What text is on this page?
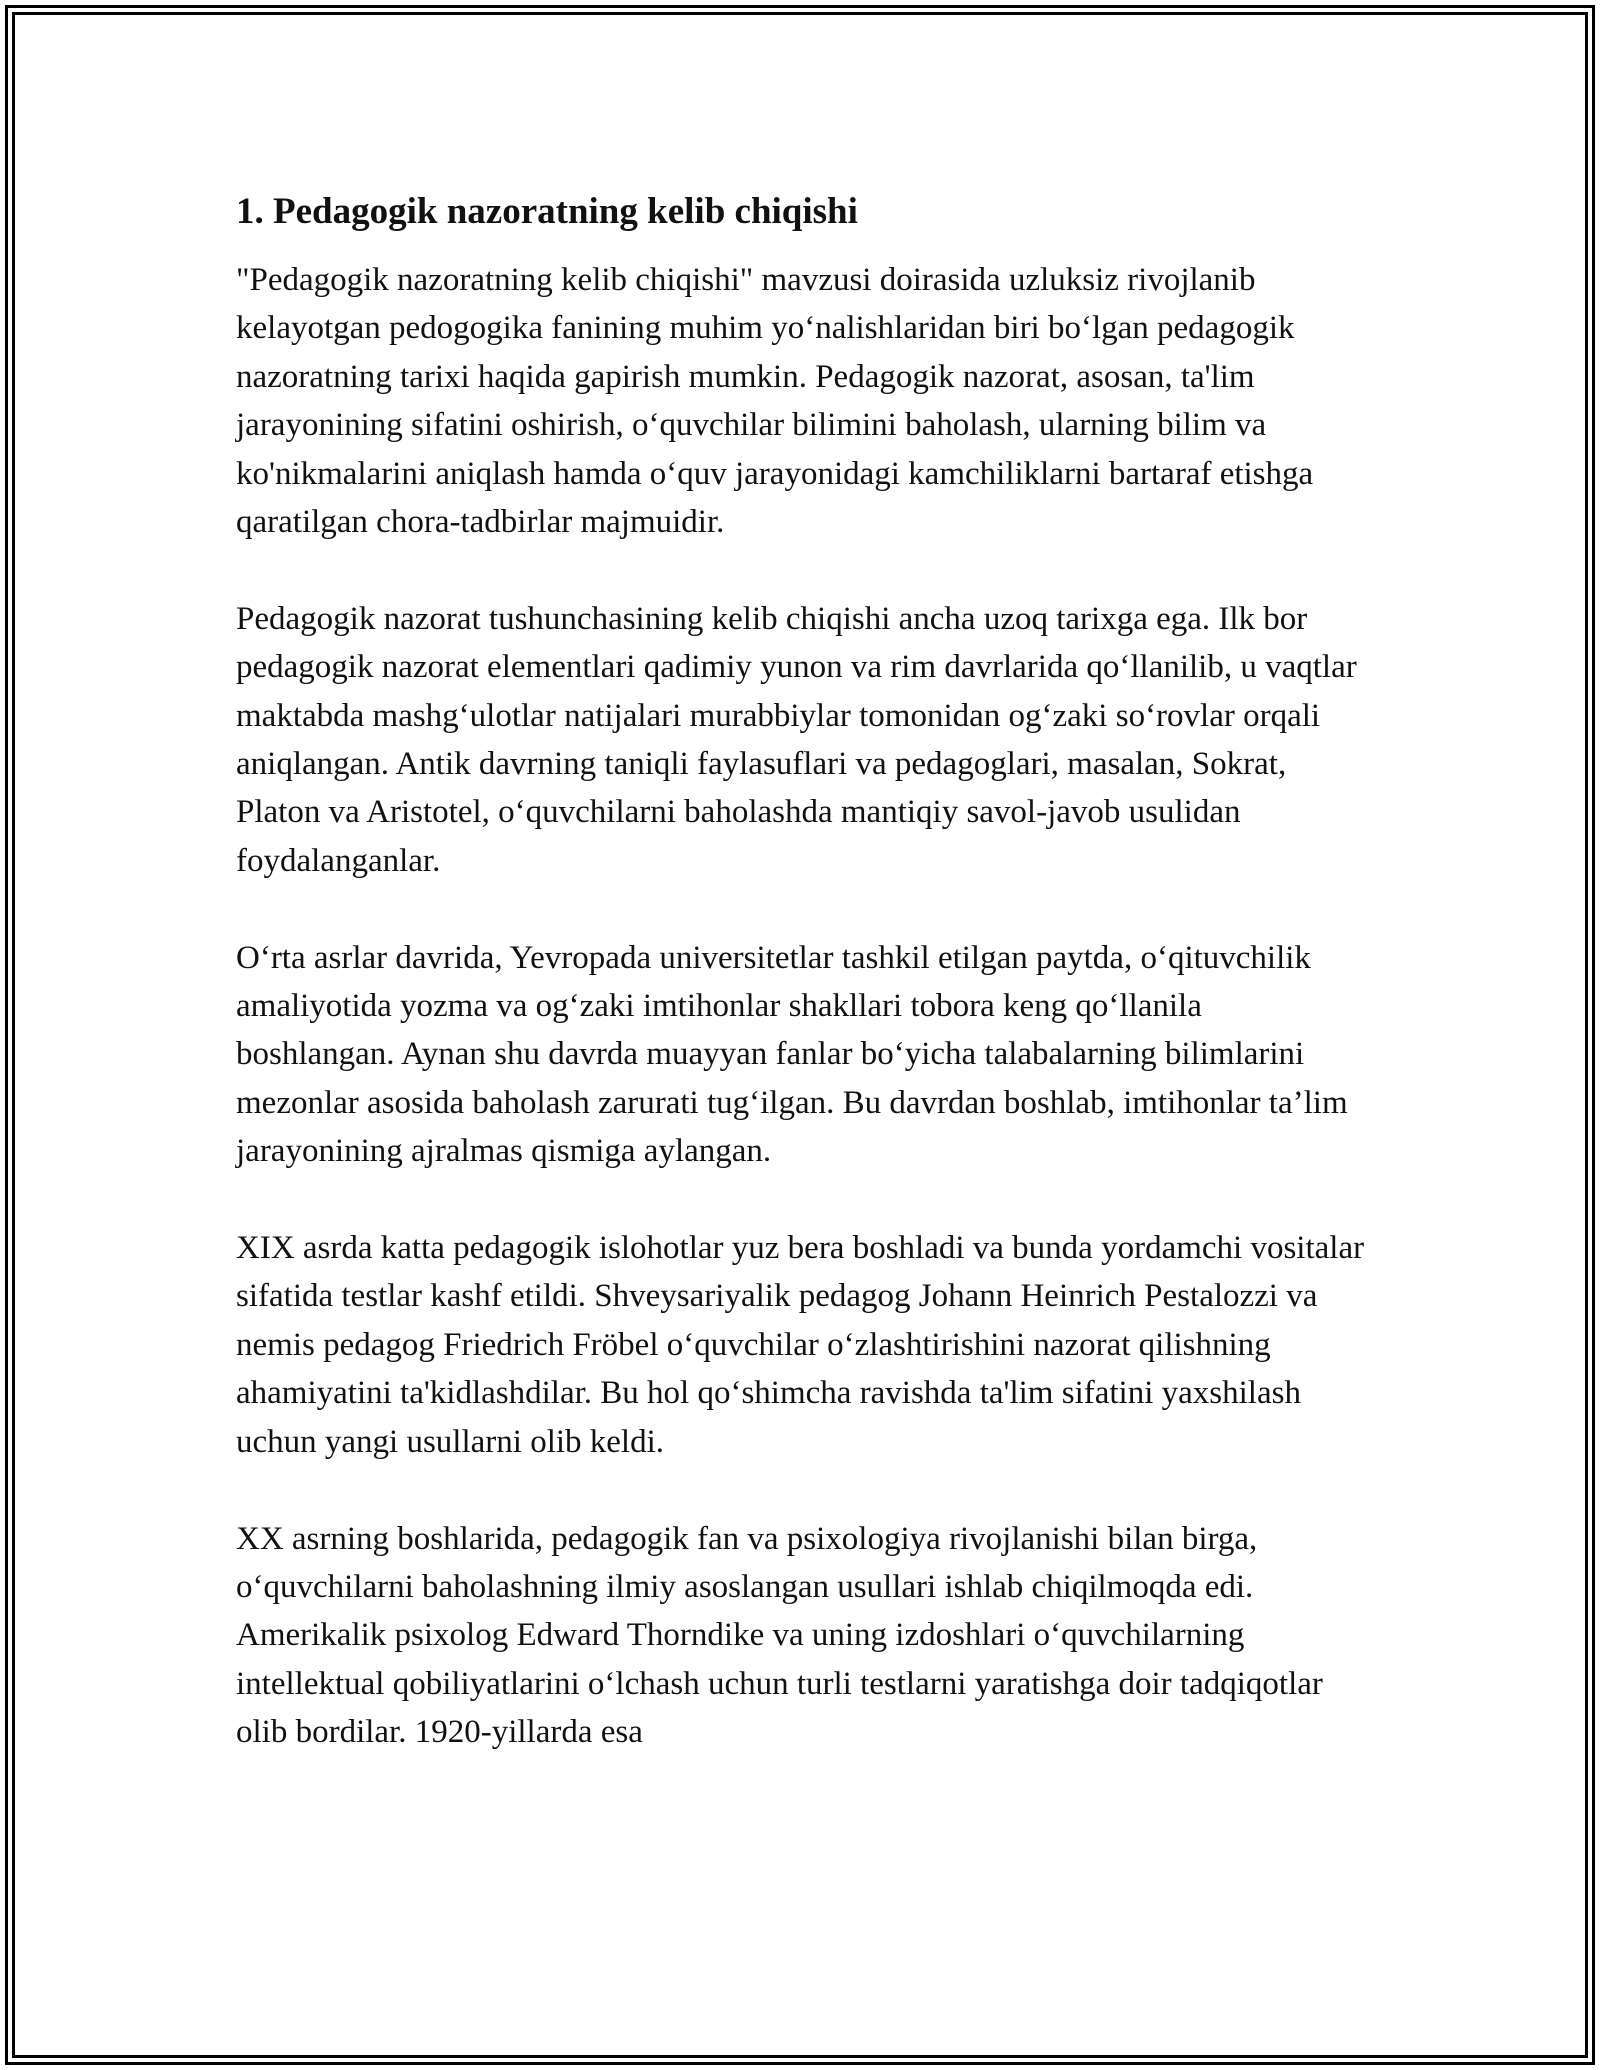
1. Pedagogik nazoratning kelib chiqishi

"Pedagogik nazoratning kelib chiqishi" mavzusi doirasida uzluksiz rivojlanib kelayotgan pedogogika fanining muhim yo‘nalishlaridan biri bo‘lgan pedagogik nazoratning tarixi haqida gapirish mumkin. Pedagogik nazorat, asosan, ta'lim jarayonining sifatini oshirish, o‘quvchilar bilimini baholash, ularning bilim va ko'nikmalarini aniqlash hamda o‘quv jarayonidagi kamchiliklarni bartaraf etishga qaratilgan chora-tadbirlar majmuidir.

Pedagogik nazorat tushunchasining kelib chiqishi ancha uzoq tarixga ega. Ilk bor pedagogik nazorat elementlari qadimiy yunon va rim davrlarida qo‘llanilib, u vaqtlar maktabda mashg‘ulotlar natijalari murabbiylar tomonidan og‘zaki so‘rovlar orqali aniqlangan. Antik davrning taniqli faylasuflari va pedagoglari, masalan, Sokrat, Platon va Aristotel, o‘quvchilarni baholashda mantiqiy savol-javob usulidan foydalanganlar.

O‘rta asrlar davrida, Yevropada universitetlar tashkil etilgan paytda, o‘qituvchilik amaliyotida yozma va og‘zaki imtihonlar shakllari tobora keng qo‘llanila boshlangan. Aynan shu davrda muayyan fanlar bo‘yicha talabalarning bilimlarini mezonlar asosida baholash zarurati tug‘ilgan. Bu davrdan boshlab, imtihonlar ta’lim jarayonining ajralmas qismiga aylangan.

XIX asrda katta pedagogik islohotlar yuz bera boshladi va bunda yordamchi vositalar sifatida testlar kashf etildi. Shveysariyalik pedagog Johann Heinrich Pestalozzi va nemis pedagog Friedrich Fröbel o‘quvchilar o‘zlashtirishini nazorat qilishning ahamiyatini ta'kidlashdilar. Bu hol qo‘shimcha ravishda ta'lim sifatini yaxshilash uchun yangi usullarni olib keldi.

XX asrning boshlarida, pedagogik fan va psixologiya rivojlanishi bilan birga, o‘quvchilarni baholashning ilmiy asoslangan usullari ishlab chiqilmoqda edi. Amerikalik psixolog Edward Thorndike va uning izdoshlari o‘quvchilarning intellektual qobiliyatlarini o‘lchash uchun turli testlarni yaratishga doir tadqiqotlar olib bordilar. 1920-yillarda esa
